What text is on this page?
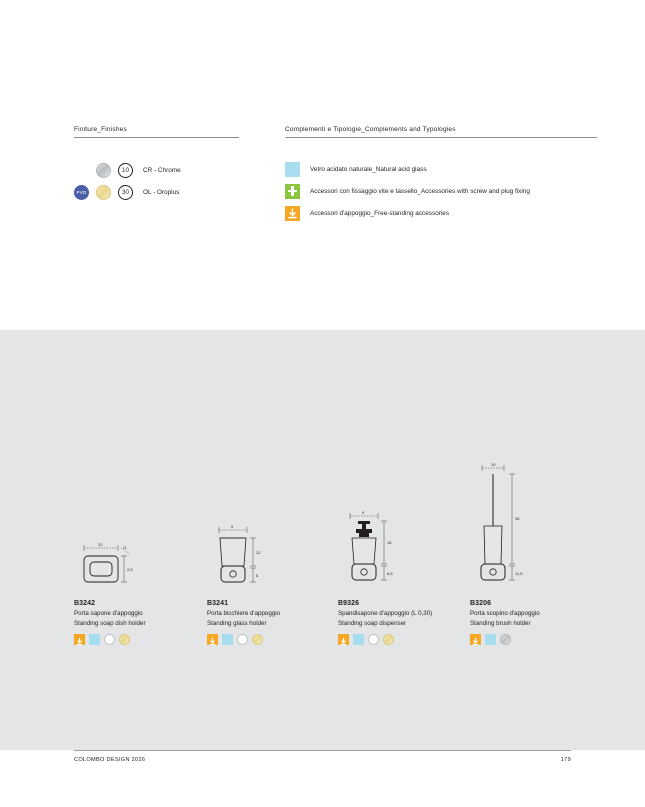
Finiture_Finishes
10	CR - Chrome
PVD	30	OL - Oroplus
Complementi e Tipologie_Complements and Typologies
Vetro acidato naturale_Natural acid glass
Accessori con fissaggio vite e tassello_Accessories with screw and plug fixing
Accessori d'appoggio_Free-standing accessories
12
11
2,5
B3242
Porta sapone d'appoggio
Standing soap dish holder
9
12
6
B3241
Porta bicchiere d'appoggio
Standing glass holder
9
18
6,5
B9326
Spandisapone d'appoggio (L 0,30)
Standing soap dispenser
10
38
11,5
B3206
Porta scopino d'appoggio
Standing brush holder
COLOMBO DESIGN 2026	179
